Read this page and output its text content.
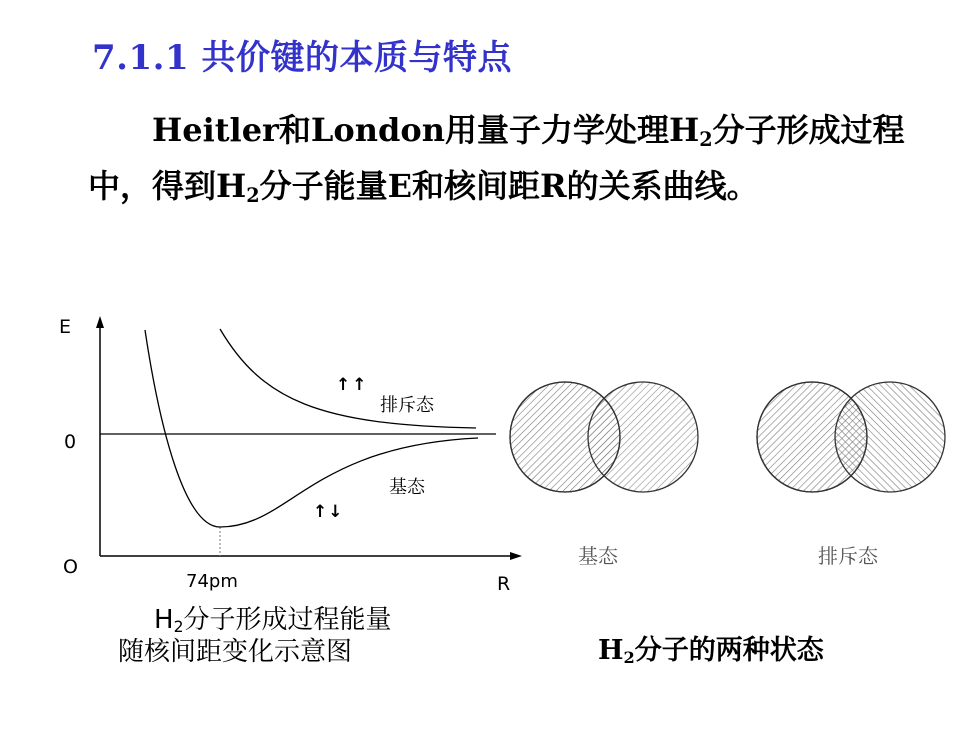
7.1.1 共价键的本质与特点
Heitler和London用量子力学处理$H_2$分子形成过程中，得到$H_2$分子能量E和核间距R的关系曲线。
E
0
O
R
74pm
↑↑
排斥态
基态
↑↓
基态	排斥态
$H_2$分子形成过程能量
随核间距变化示意图	$H_2$分子的两种状态
